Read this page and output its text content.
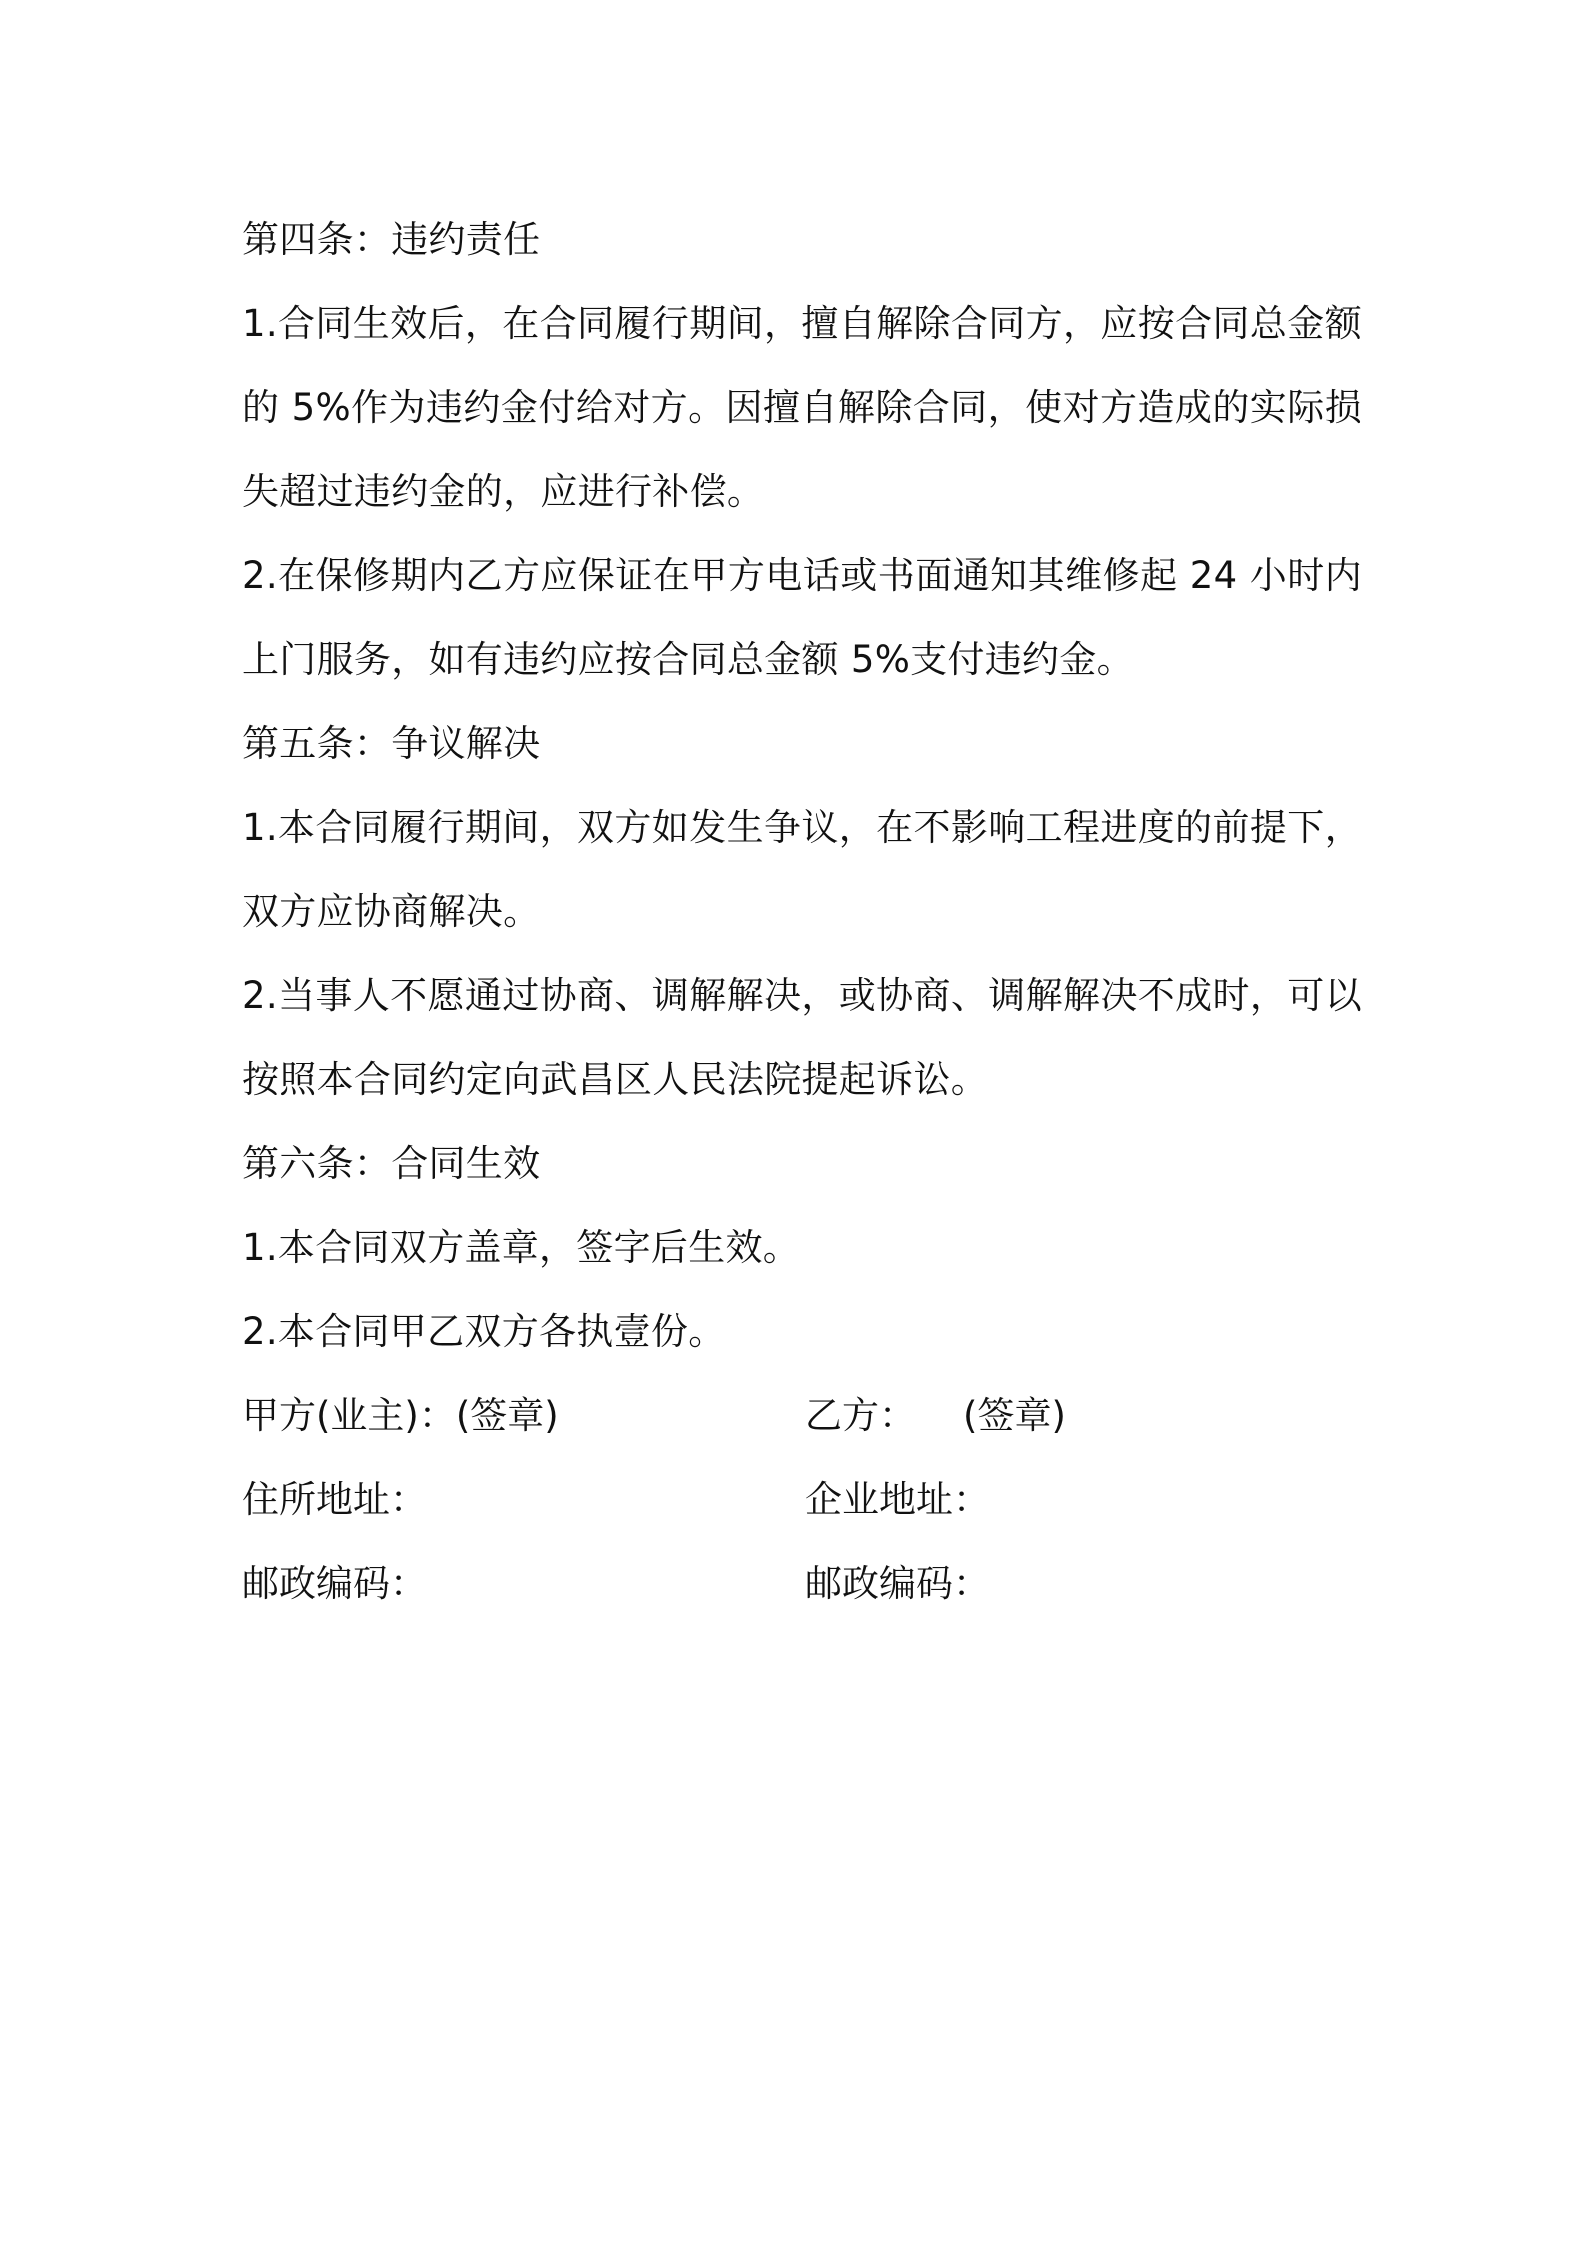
第四条：违约责任
1.合同生效后，在合同履行期间，擅自解除合同方，应按合同总金额
的 5%作为违约金付给对方。因擅自解除合同，使对方造成的实际损
失超过违约金的，应进行补偿。
2.在保修期内乙方应保证在甲方电话或书面通知其维修起 24 小时内
上门服务，如有违约应按合同总金额 5%支付违约金。
第五条：争议解决
1.本合同履行期间，双方如发生争议，在不影响工程进度的前提下，
双方应协商解决。
2.当事人不愿通过协商、调解解决，或协商、调解解决不成时，可以
按照本合同约定向武昌区人民法院提起诉讼。
第六条：合同生效
1.本合同双方盖章，签字后生效。
2.本合同甲乙双方各执壹份。
甲方(业主)：(签章)	乙方：    (签章)
住所地址：	企业地址：
邮政编码：	邮政编码：
